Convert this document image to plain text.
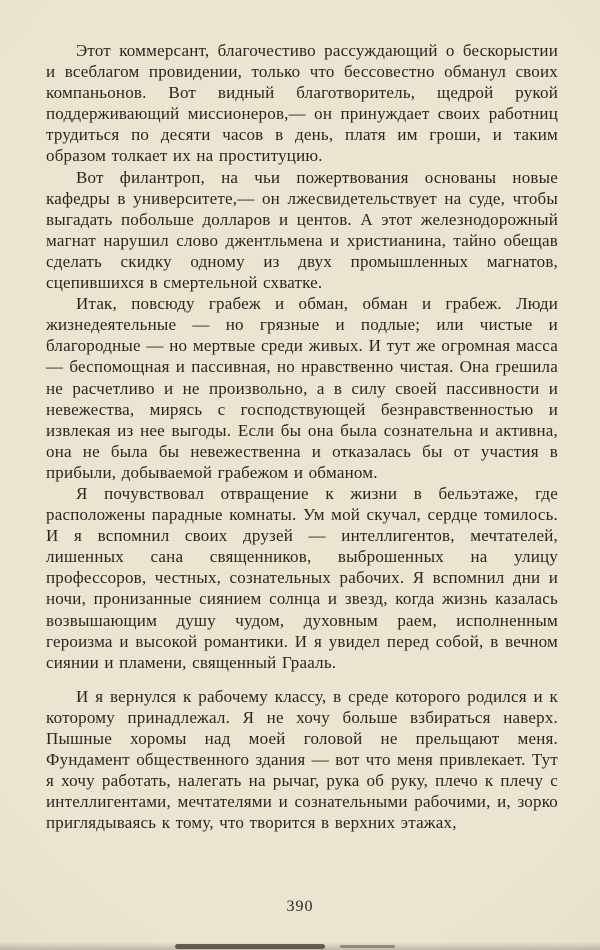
Этот коммерсант, благочестиво рассуждающий о бескорыстии и всеблагом провидении, только что бессовестно обманул своих компаньонов. Вот видный благотворитель, щедрой рукой поддерживающий миссионеров,— он принуждает своих работниц трудиться по десяти часов в день, платя им гроши, и таким образом толкает их на проституцию.

Вот филантроп, на чьи пожертвования основаны новые кафедры в университете,— он лжесвидетельствует на суде, чтобы выгадать побольше долларов и центов. А этот железнодорожный магнат нарушил слово джентльмена и христианина, тайно обещав сделать скидку одному из двух промышленных магнатов, сцепившихся в смертельной схватке.

Итак, повсюду грабеж и обман, обман и грабеж. Люди жизнедеятельные — но грязные и подлые; или чистые и благородные — но мертвые среди живых. И тут же огромная масса — беспомощная и пассивная, но нравственно чистая. Она грешила не расчетливо и не произвольно, а в силу своей пассивности и невежества, мирясь с господствующей безнравственностью и извлекая из нее выгоды. Если бы она была сознательна и активна, она не была бы невежественна и отказалась бы от участия в прибыли, добываемой грабежом и обманом.

Я почувствовал отвращение к жизни в бельэтаже, где расположены парадные комнаты. Ум мой скучал, сердце томилось. И я вспомнил своих друзей — интеллигентов, мечтателей, лишенных сана священников, выброшенных на улицу профессоров, честных, сознательных рабочих. Я вспомнил дни и ночи, пронизанные сиянием солнца и звезд, когда жизнь казалась возвышающим душу чудом, духовным раем, исполненным героизма и высокой романтики. И я увидел перед собой, в вечном сиянии и пламени, священный Грааль.

И я вернулся к рабочему классу, в среде которого родился и к которому принадлежал. Я не хочу больше взбираться наверх. Пышные хоромы над моей головой не прельщают меня. Фундамент общественного здания — вот что меня привлекает. Тут я хочу работать, налегать на рычаг, рука об руку, плечо к плечу с интеллигентами, мечтателями и сознательными рабочими, и, зорко приглядываясь к тому, что творится в верхних этажах,

390
